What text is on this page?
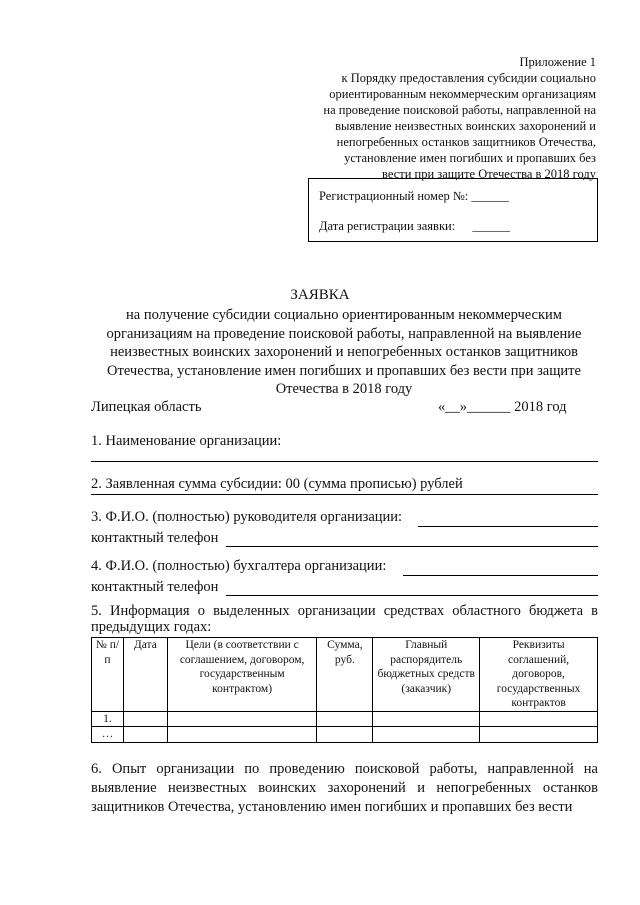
Приложение 1
к Порядку предоставления субсидии социально
ориентированным некоммерческим организациям
на проведение поисковой работы, направленной на
выявление неизвестных воинских захоронений и
непогребенных останков защитников Отечества,
установление имен погибших и пропавших без
вести при защите Отечества в 2018 году
Регистрационный номер №: ______
Дата регистрации заявки: ______
ЗАЯВКА
на получение субсидии социально ориентированным некоммерческим
организациям на проведение поисковой работы, направленной на выявление
неизвестных воинских захоронений и непогребенных останков защитников
Отечества, установление имен погибших и пропавших без вести при защите
Отечества в 2018 году
Липецкая область	«__»______ 2018 год
1. Наименование организации:
2. Заявленная сумма субсидии: 00 (сумма прописью) рублей
3. Ф.И.О. (полностью) руководителя организации:
контактный телефон
4. Ф.И.О. (полностью) бухгалтера организации:
контактный телефон
5. Информация о выделенных организации средствах областного бюджета в предыдущих годах:
№ п/п	Дата	Цели (в соответствии с соглашением, договором, государственным контрактом)	Сумма, руб.	Главный распорядитель бюджетных средств (заказчик)	Реквизиты соглашений, договоров, государственных контрактов
1.					
…					
6. Опыт организации по проведению поисковой работы, направленной на выявление неизвестных воинских захоронений и непогребенных останков защитников Отечества, установлению имен погибших и пропавших без вести
